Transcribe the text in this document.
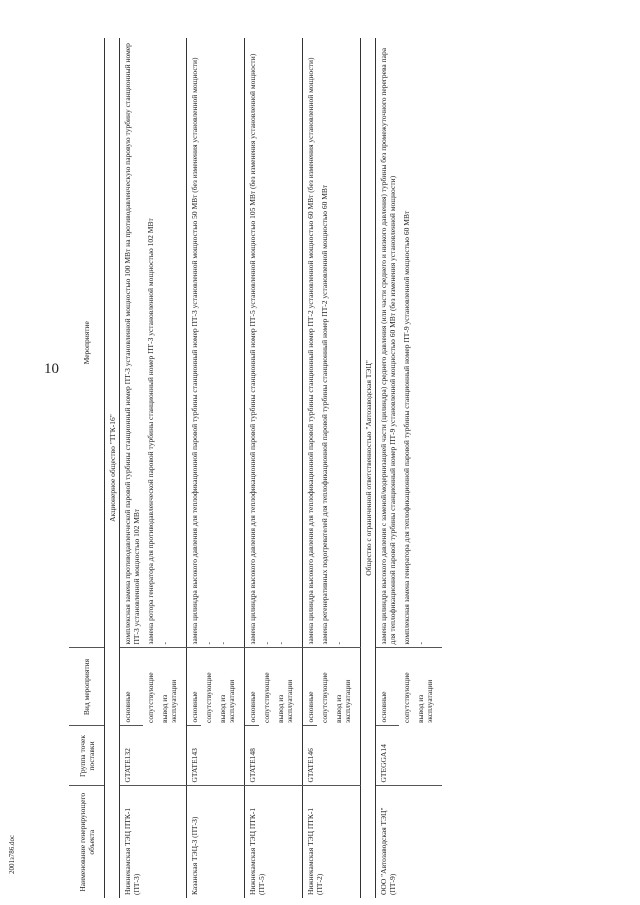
10
2001з786.doc	Наименование генерирующего объекта	Группа точек поставки	Вид мероприятия	Мероприятие
Акционерное общество "ТГК-16"			
Нижнекамская ТЭЦ ПТК-1 (ПТ-3)	GTATE132	основные	комплексная замена противодавленческой паровой турбины станционный номер ПТ-3 установленной мощностью 100 МВт на противодавленческую паровую турбину станционный номер ПТ-3 установленной мощностью 102 МВт
		сопутствующие	замена ротора генератора для противодавленческой паровой турбины станционный номер ПТ-3 установленной мощностью 102 МВт
		вывод из эксплуатации	-
Казанская ТЭЦ-3 (ПТ-3)	GTATE143	основные	замена цилиндра высокого давления для теплофикационной паровой турбины станционный номер ПТ-3 установленной мощностью 50 МВт (без изменения установленной мощности)
		сопутствующие	-
		вывод из эксплуатации	-
Нижнекамская ТЭЦ ПТК-1 (ПТ-5)	GTATE148	основные	замена цилиндра высокого давления для теплофикационной паровой турбины станционный номер ПТ-5 установленной мощностью 105 МВт (без изменения установленной мощности)
		сопутствующие	-
		вывод из эксплуатации	-
Нижнекамская ТЭЦ ПТК-1 (ПТ-2)	GTATE146	основные	замена цилиндра высокого давления для теплофикационной паровой турбины станционный номер ПТ-2 установленной мощностью 60 МВт (без изменения установленной мощности)
		сопутствующие	замена регенеративных подогревателей для теплофикационной паровой турбины станционный номер ПТ-2 установленной мощностью 60 МВт
		вывод из эксплуатации	-
Общество с ограниченной ответственностью "Автозаводская ТЭЦ"			
ООО "Автозаводская ТЭЦ" (ПТ-9)	GTEGGA14	основные	замена цилиндра высокого давления с заменой/модернизацией части (цилиндра) среднего давления (или части среднего и низкого давления) турбины без промежуточного перегрева пара для теплофикационной паровой турбины станционный номер ПТ-9 установленной мощностью 60 МВт (без изменения установленной мощности)
		сопутствующие	комплексная замена генератора для теплофикационной паровой турбины станционный номер ПТ-9 установленной мощностью 60 МВт
		вывод из эксплуатации	-
